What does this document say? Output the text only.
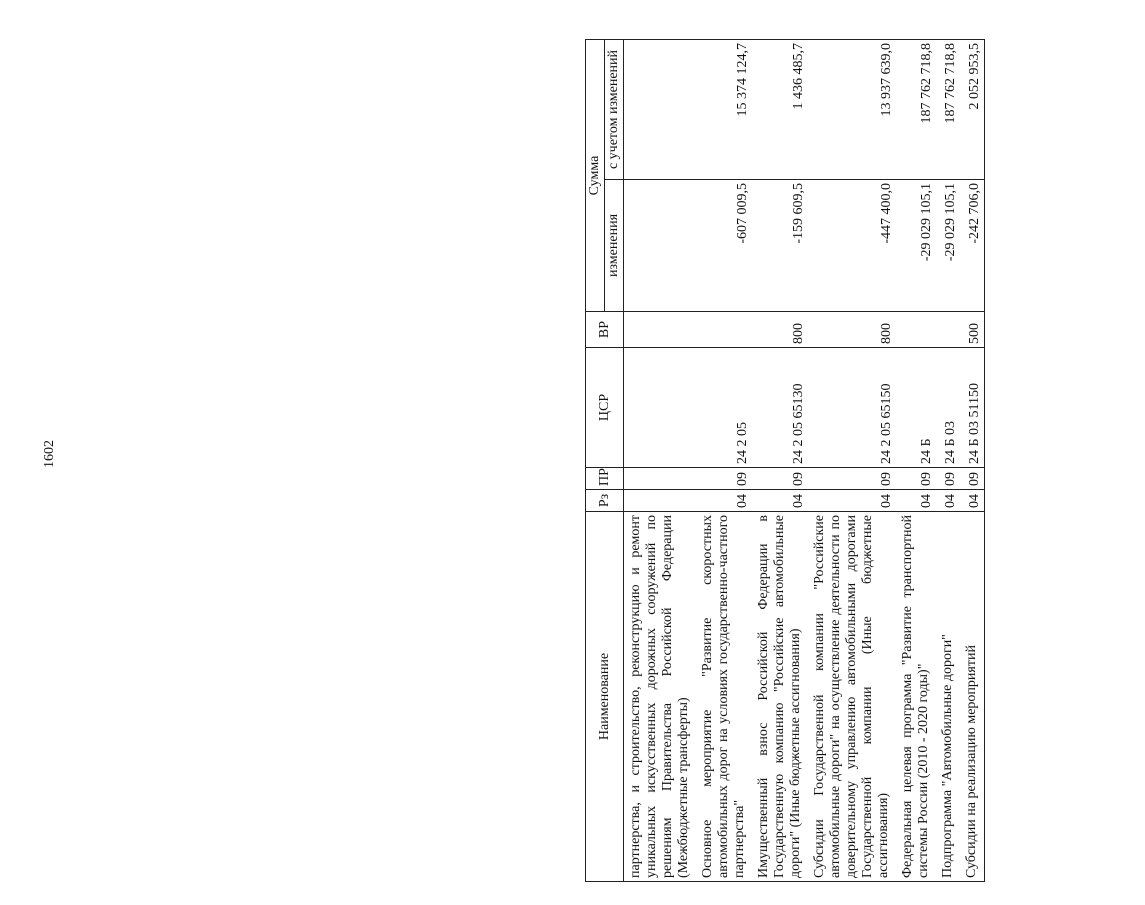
1602
Наименование	Рз	ПР	ЦСР	ВР	Сумма	
					изменения	с учетом изменений
партнерства, и строительство, реконструкцию и ремонт уникальных искусственных дорожных сооружений по решениям Правительства Российской Федерации (Межбюджетные трансферты)						
Основное мероприятие "Развитие скоростных автомобильных дорог на условиях государственно-частного партнерства"	04	09	24 2 05		-607 009,5	15 374 124,7
Имущественный взнос Российской Федерации в Государственную компанию "Российские автомобильные дороги" (Иные бюджетные ассигнования)	04	09	24 2 05 65130	800	-159 609,5	1 436 485,7
Субсидии Государственной компании "Российские автомобильные дороги" на осуществление деятельности по доверительному управлению автомобильными дорогами Государственной компании (Иные бюджетные ассигнования)	04	09	24 2 05 65150	800	-447 400,0	13 937 639,0
Федеральная целевая программа "Развитие транспортной системы России (2010 - 2020 годы)"	04	09	24 Б		-29 029 105,1	187 762 718,8
Подпрограмма "Автомобильные дороги"	04	09	24 Б 03		-29 029 105,1	187 762 718,8
Субсидии на реализацию мероприятий	04	09	24 Б 03 51150	500	-242 706,0	2 052 953,5
